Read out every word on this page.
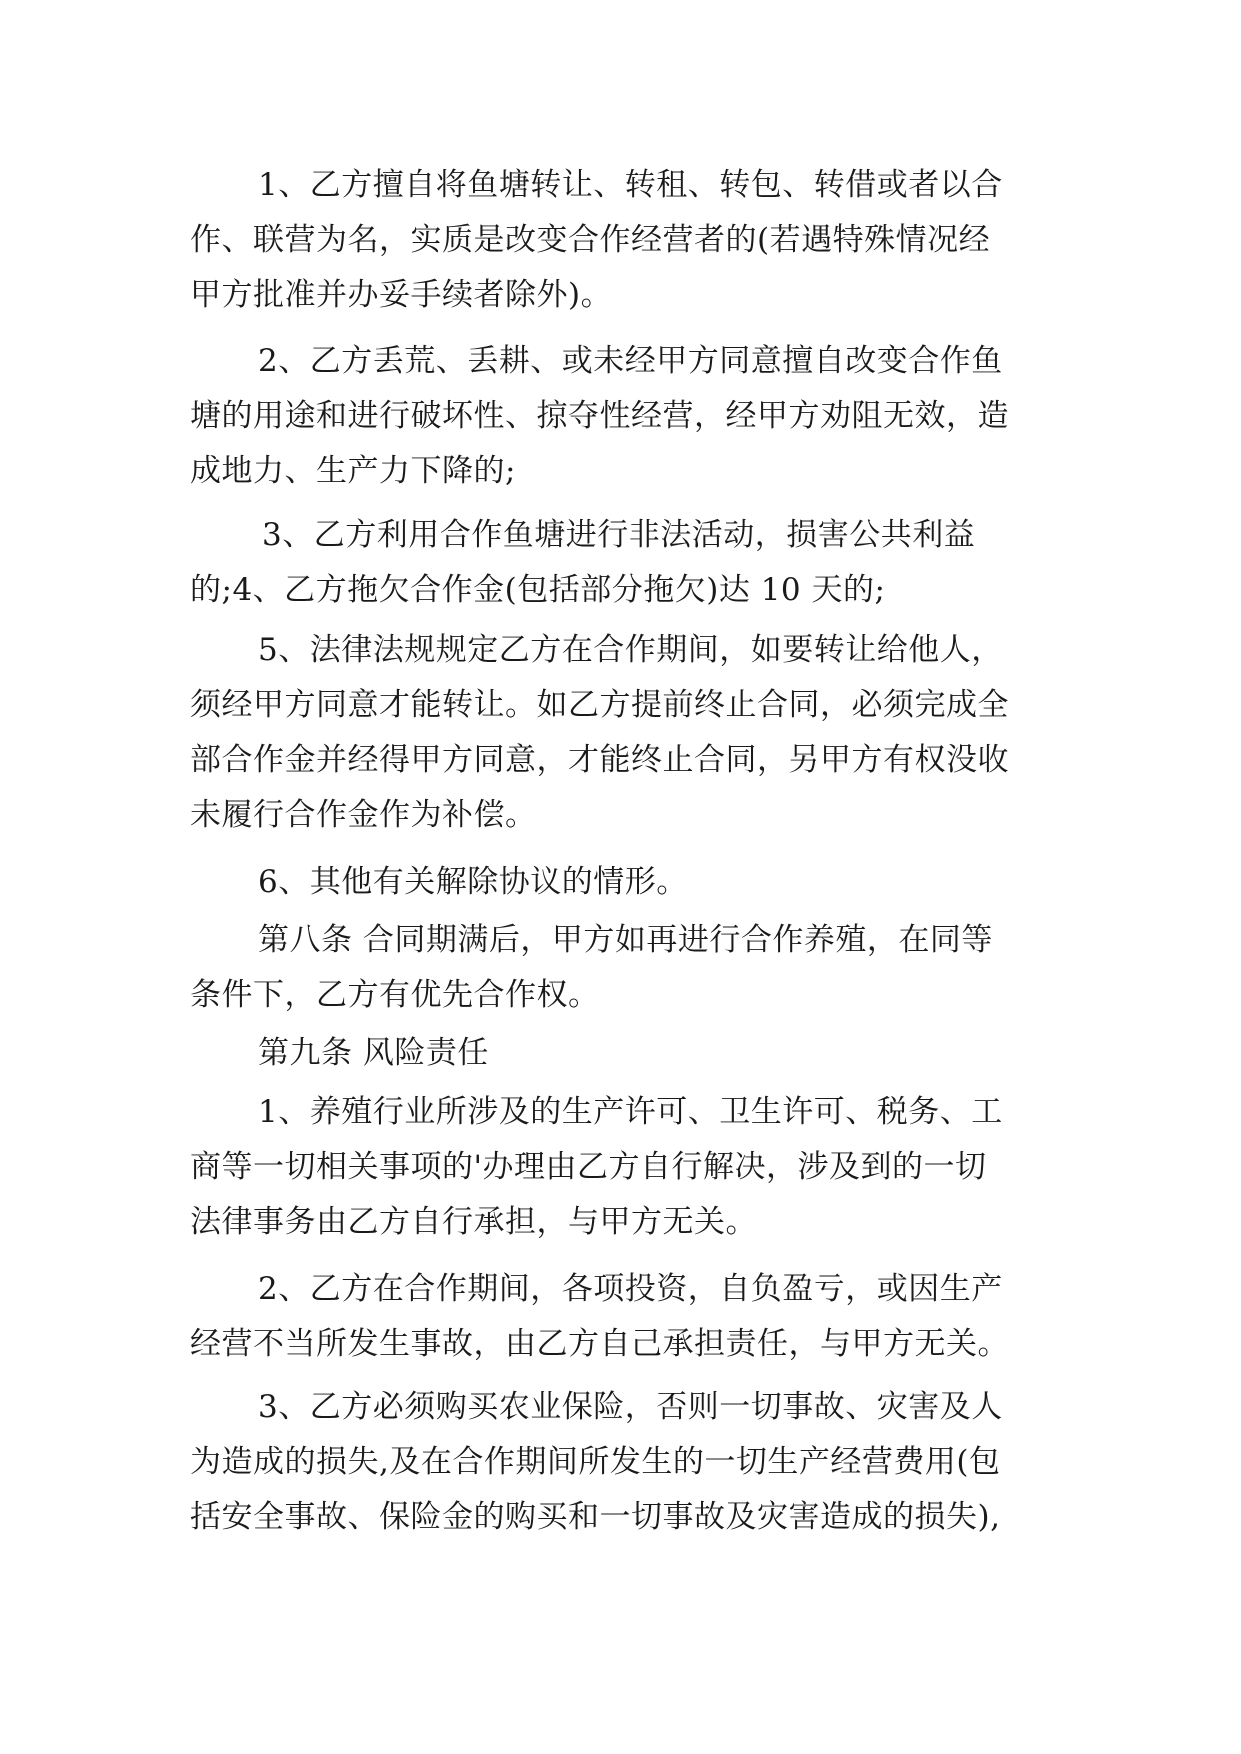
1、乙方擅自将鱼塘转让、转租、转包、转借或者以合
作、联营为名，实质是改变合作经营者的(若遇特殊情况经
甲方批准并办妥手续者除外)。
2、乙方丢荒、丢耕、或未经甲方同意擅自改变合作鱼
塘的用途和进行破坏性、掠夺性经营，经甲方劝阻无效，造
成地力、生产力下降的;
3、乙方利用合作鱼塘进行非法活动，损害公共利益
的;4、乙方拖欠合作金(包括部分拖欠)达 10 天的;
5、法律法规规定乙方在合作期间，如要转让给他人，
须经甲方同意才能转让。如乙方提前终止合同，必须完成全
部合作金并经得甲方同意，才能终止合同，另甲方有权没收
未履行合作金作为补偿。
6、其他有关解除协议的情形。
第八条 合同期满后，甲方如再进行合作养殖，在同等
条件下，乙方有优先合作权。
第九条 风险责任
1、养殖行业所涉及的生产许可、卫生许可、税务、工
商等一切相关事项的'办理由乙方自行解决，涉及到的一切
法律事务由乙方自行承担，与甲方无关。
2、乙方在合作期间，各项投资，自负盈亏，或因生产
经营不当所发生事故，由乙方自己承担责任，与甲方无关。
3、乙方必须购买农业保险，否则一切事故、灾害及人
为造成的损失,及在合作期间所发生的一切生产经营费用(包
括安全事故、保险金的购买和一切事故及灾害造成的损失),
